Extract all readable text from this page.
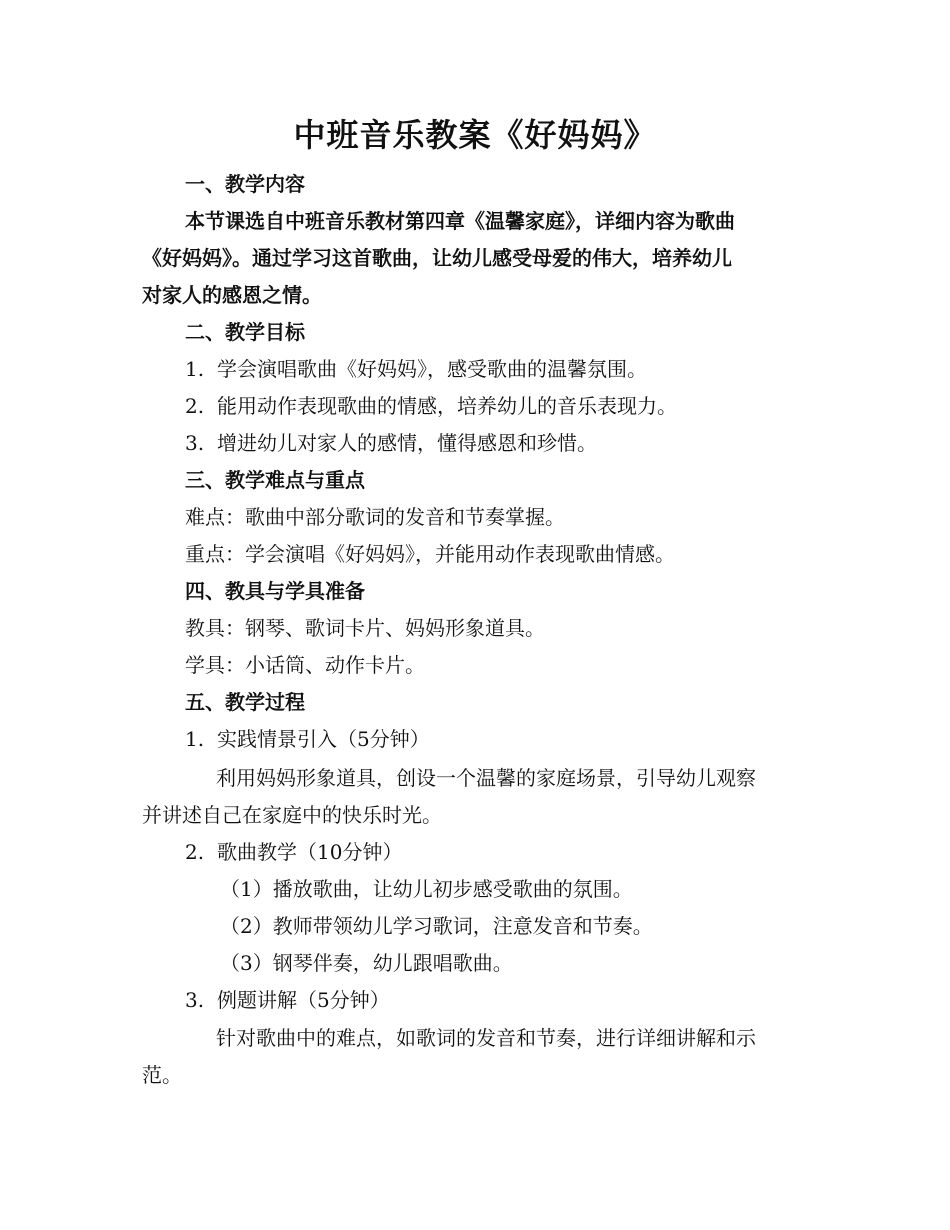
中班音乐教案《好妈妈》
一、教学内容
本节课选自中班音乐教材第四章《温馨家庭》，详细内容为歌曲
《好妈妈》。通过学习这首歌曲，让幼儿感受母爱的伟大，培养幼儿
对家人的感恩之情。
二、教学目标
1. 学会演唱歌曲《好妈妈》，感受歌曲的温馨氛围。
2. 能用动作表现歌曲的情感，培养幼儿的音乐表现力。
3. 增进幼儿对家人的感情，懂得感恩和珍惜。
三、教学难点与重点
难点：歌曲中部分歌词的发音和节奏掌握。
重点：学会演唱《好妈妈》，并能用动作表现歌曲情感。
四、教具与学具准备
教具：钢琴、歌词卡片、妈妈形象道具。
学具：小话筒、动作卡片。
五、教学过程
1. 实践情景引入（5分钟）
利用妈妈形象道具，创设一个温馨的家庭场景，引导幼儿观察
并讲述自己在家庭中的快乐时光。
2. 歌曲教学（10分钟）
（1）播放歌曲，让幼儿初步感受歌曲的氛围。
（2）教师带领幼儿学习歌词，注意发音和节奏。
（3）钢琴伴奏，幼儿跟唱歌曲。
3. 例题讲解（5分钟）
针对歌曲中的难点，如歌词的发音和节奏，进行详细讲解和示
范。
